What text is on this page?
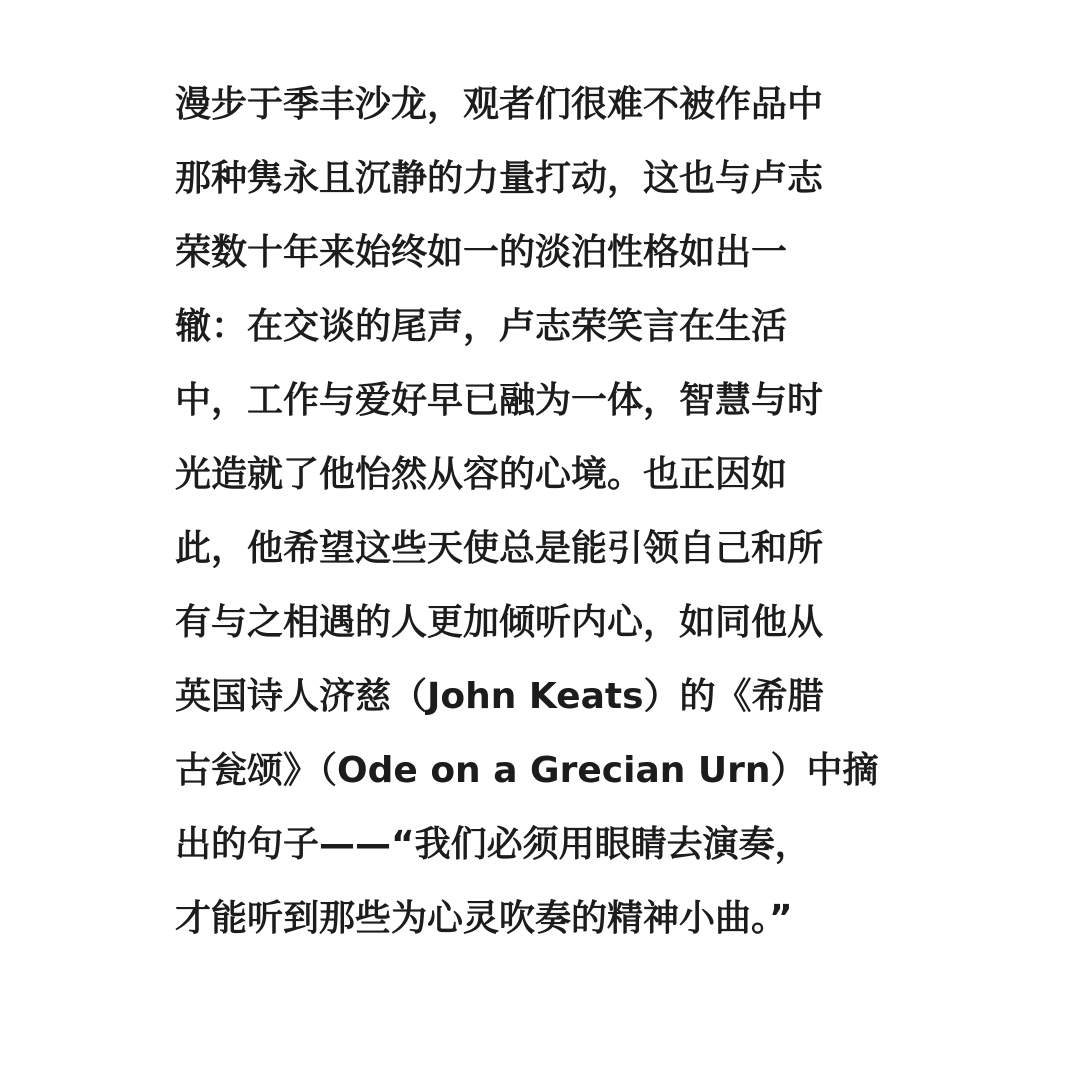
漫步于季丰沙龙，观者们很难不被作品中
那种隽永且沉静的力量打动，这也与卢志
荣数十年来始终如一的淡泊性格如出一
辙：在交谈的尾声，卢志荣笑言在生活
中，工作与爱好早已融为一体，智慧与时
光造就了他怡然从容的心境。也正因如
此，他希望这些天使总是能引领自己和所
有与之相遇的人更加倾听内心，如同他从
英国诗人济慈（John Keats）的《希腊
古瓮颂》（Ode on a Grecian Urn）中摘
出的句子——“我们必须用眼睛去演奏，
才能听到那些为心灵吹奏的精神小曲。”
